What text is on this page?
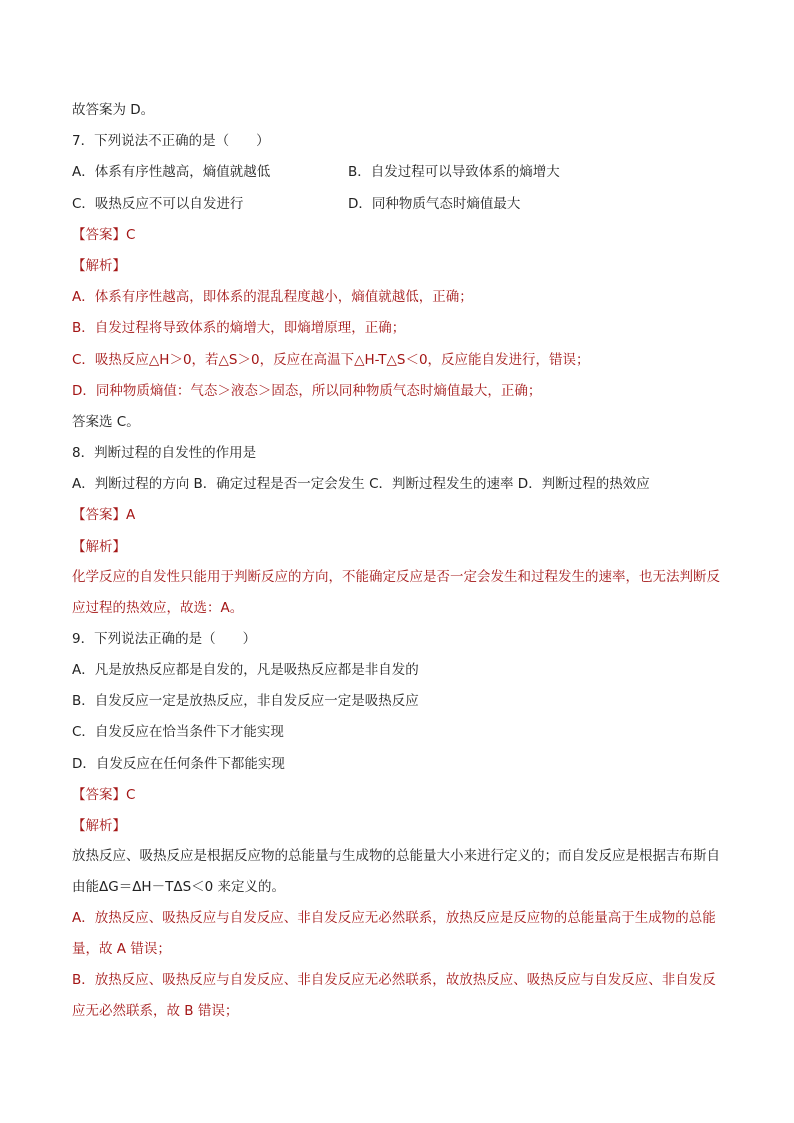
故答案为 D。
7．下列说法不正确的是（　　）
A．体系有序性越高，熵值就越低	B．自发过程可以导致体系的熵增大
C．吸热反应不可以自发进行	D．同种物质气态时熵值最大
【答案】C
【解析】
A．体系有序性越高，即体系的混乱程度越小，熵值就越低，正确；
B．自发过程将导致体系的熵增大，即熵增原理，正确；
C．吸热反应△H＞0，若△S＞0，反应在高温下△H-T△S＜0，反应能自发进行，错误；
D．同种物质熵值：气态＞液态＞固态，所以同种物质气态时熵值最大，正确；
答案选 C。
8．判断过程的自发性的作用是
A．判断过程的方向 B．确定过程是否一定会发生 C．判断过程发生的速率 D．判断过程的热效应
【答案】A
【解析】
化学反应的自发性只能用于判断反应的方向，不能确定反应是否一定会发生和过程发生的速率，也无法判断反应过程的热效应，故选：A。
9．下列说法正确的是（　　）
A．凡是放热反应都是自发的，凡是吸热反应都是非自发的
B．自发反应一定是放热反应，非自发反应一定是吸热反应
C．自发反应在恰当条件下才能实现
D．自发反应在任何条件下都能实现
【答案】C
【解析】
放热反应、吸热反应是根据反应物的总能量与生成物的总能量大小来进行定义的；而自发反应是根据吉布斯自由能ΔG＝ΔH－TΔS＜0 来定义的。
A．放热反应、吸热反应与自发反应、非自发反应无必然联系，放热反应是反应物的总能量高于生成物的总能量，故 A 错误；
B．放热反应、吸热反应与自发反应、非自发反应无必然联系，故放热反应、吸热反应与自发反应、非自发反应无必然联系，故 B 错误；
